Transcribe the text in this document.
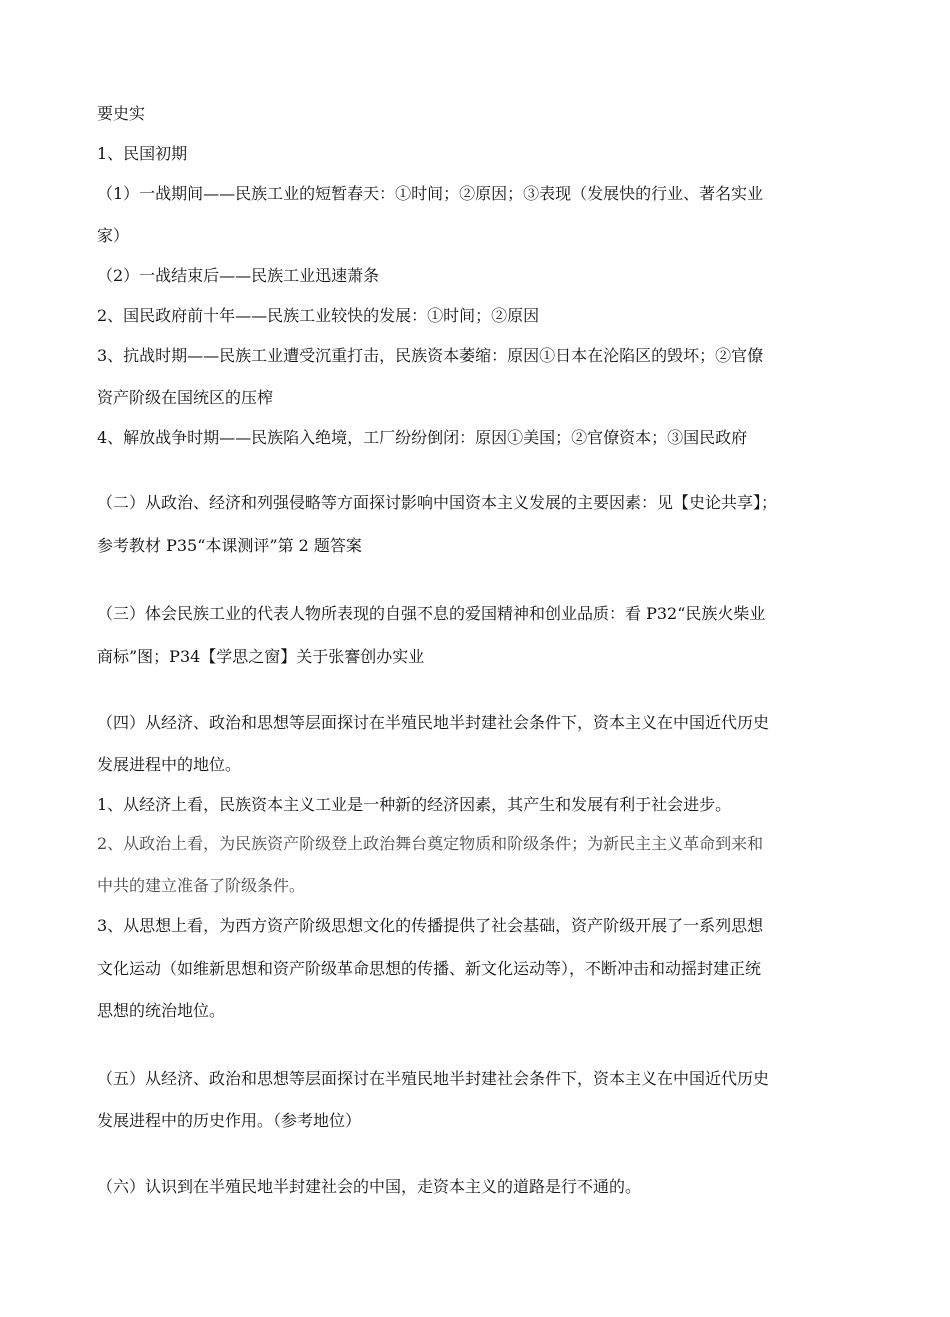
要史实
1、民国初期
（1）一战期间——民族工业的短暂春天：①时间；②原因；③表现（发展快的行业、著名实业
家）
（2）一战结束后——民族工业迅速萧条
2、国民政府前十年——民族工业较快的发展：①时间；②原因
3、抗战时期——民族工业遭受沉重打击，民族资本萎缩：原因①日本在沦陷区的毁坏；②官僚
资产阶级在国统区的压榨
4、解放战争时期——民族陷入绝境，工厂纷纷倒闭：原因①美国；②官僚资本；③国民政府
（二）从政治、经济和列强侵略等方面探讨影响中国资本主义发展的主要因素：见【史论共享】；
参考教材 P35“本课测评”第 2 题答案
（三）体会民族工业的代表人物所表现的自强不息的爱国精神和创业品质：看 P32“民族火柴业
商标”图；P34【学思之窗】关于张謇创办实业
（四）从经济、政治和思想等层面探讨在半殖民地半封建社会条件下，资本主义在中国近代历史
发展进程中的地位。
1、从经济上看，民族资本主义工业是一种新的经济因素，其产生和发展有利于社会进步。
2、从政治上看，为民族资产阶级登上政治舞台奠定物质和阶级条件；为新民主主义革命到来和
中共的建立准备了阶级条件。
3、从思想上看，为西方资产阶级思想文化的传播提供了社会基础，资产阶级开展了一系列思想
文化运动（如维新思想和资产阶级革命思想的传播、新文化运动等），不断冲击和动摇封建正统
思想的统治地位。
（五）从经济、政治和思想等层面探讨在半殖民地半封建社会条件下，资本主义在中国近代历史
发展进程中的历史作用。（参考地位）
（六）认识到在半殖民地半封建社会的中国，走资本主义的道路是行不通的。
